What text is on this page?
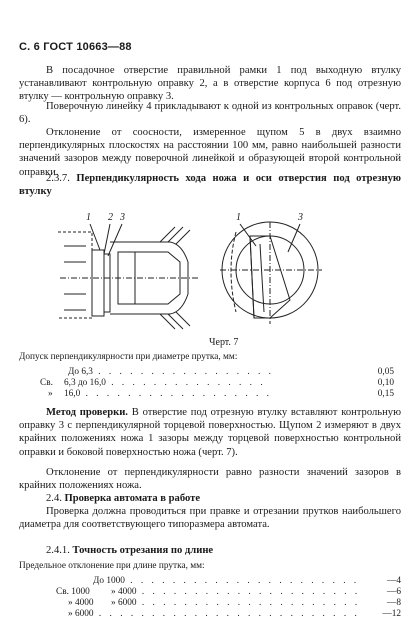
С. 6 ГОСТ 10663—88
В посадочное отверстие правильной рамки 1 под выходную втулку устанавливают контрольную оправку 2, а в отверстие корпуса 6 под отрезную втулку — контрольную оправку 3.
Поверочную линейку 4 прикладывают к одной из контрольных оправок (черт. 6).
Отклонение от соосности, измеренное щупом 5 в двух взаимно перпендикулярных плоскостях на расстоянии 100 мм, равно наибольшей разности значений зазоров между поверочной линейкой и образующей второй контрольной оправки.
2.3.7. Перпендикулярность хода ножа и оси отверстия под отрезную втулку
1 2 3	1	3
Черт. 7
Допуск перпендикулярности при диаметре прутка, мм:
До 6,3 . . . . . . . . . . . . . . . . .	0,05
Св. 6,3 до 16,0 . . . . . . . . . . . . . . .	0,10
» 16,0 . . . . . . . . . . . . . . . . . .	0,15
Метод проверки. В отверстие под отрезную втулку вставляют контрольную оправку 3 с перпендикулярной торцевой поверхностью. Щупом 2 измеряют в двух крайних положениях ножа 1 зазоры между торцевой поверхностью контрольной оправки и боковой поверхностью ножа (черт. 7).
Отклонение от перпендикулярности равно разности значений зазоров в крайних положениях ножа.
2.4. Проверка автомата в работе
Проверка должна проводиться при правке и отрезании прутков наибольшего диаметра для соответствующего типоразмера автомата.
2.4.1. Точность отрезания по длине
Предельное отклонение при длине прутка, мм:
До 1000 . . . . . . . . . . . . . . . . . . . . . .	—4
Св. 1000 » 4000 . . . . . . . . . . . . . . . . . . . . .	—6
» 4000 » 6000 . . . . . . . . . . . . . . . . . . . . .	—8
» 6000 . . . . . . . . . . . . . . . . . . . . . . . . .	—12
